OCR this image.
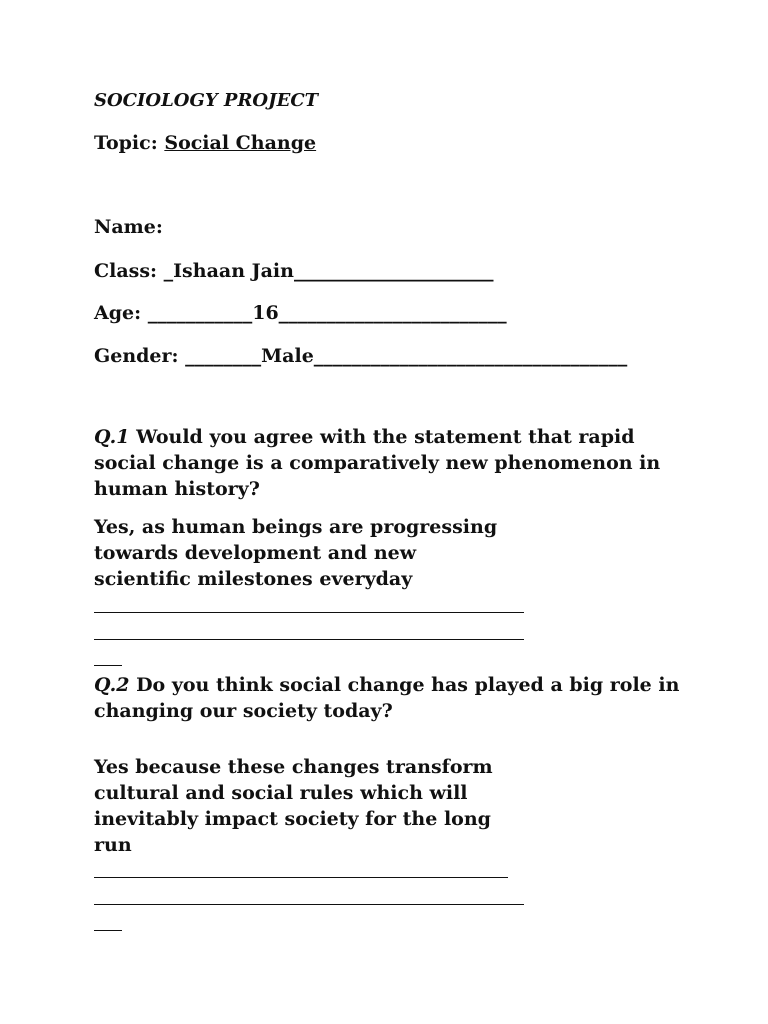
SOCIOLOGY PROJECT
Topic: Social Change
Name:
Class: _Ishaan Jain_____________________
Age: ___________16________________________
Gender: ________Male_________________________________
Q.1 Would you agree with the statement that rapid social change is a comparatively new phenomenon in human history?
Yes, as human beings are progressing towards development and new scientific milestones everyday
Q.2 Do you think social change has played a big role in changing our society today?
Yes because these changes transform cultural and social rules which will inevitably impact society for the long run
